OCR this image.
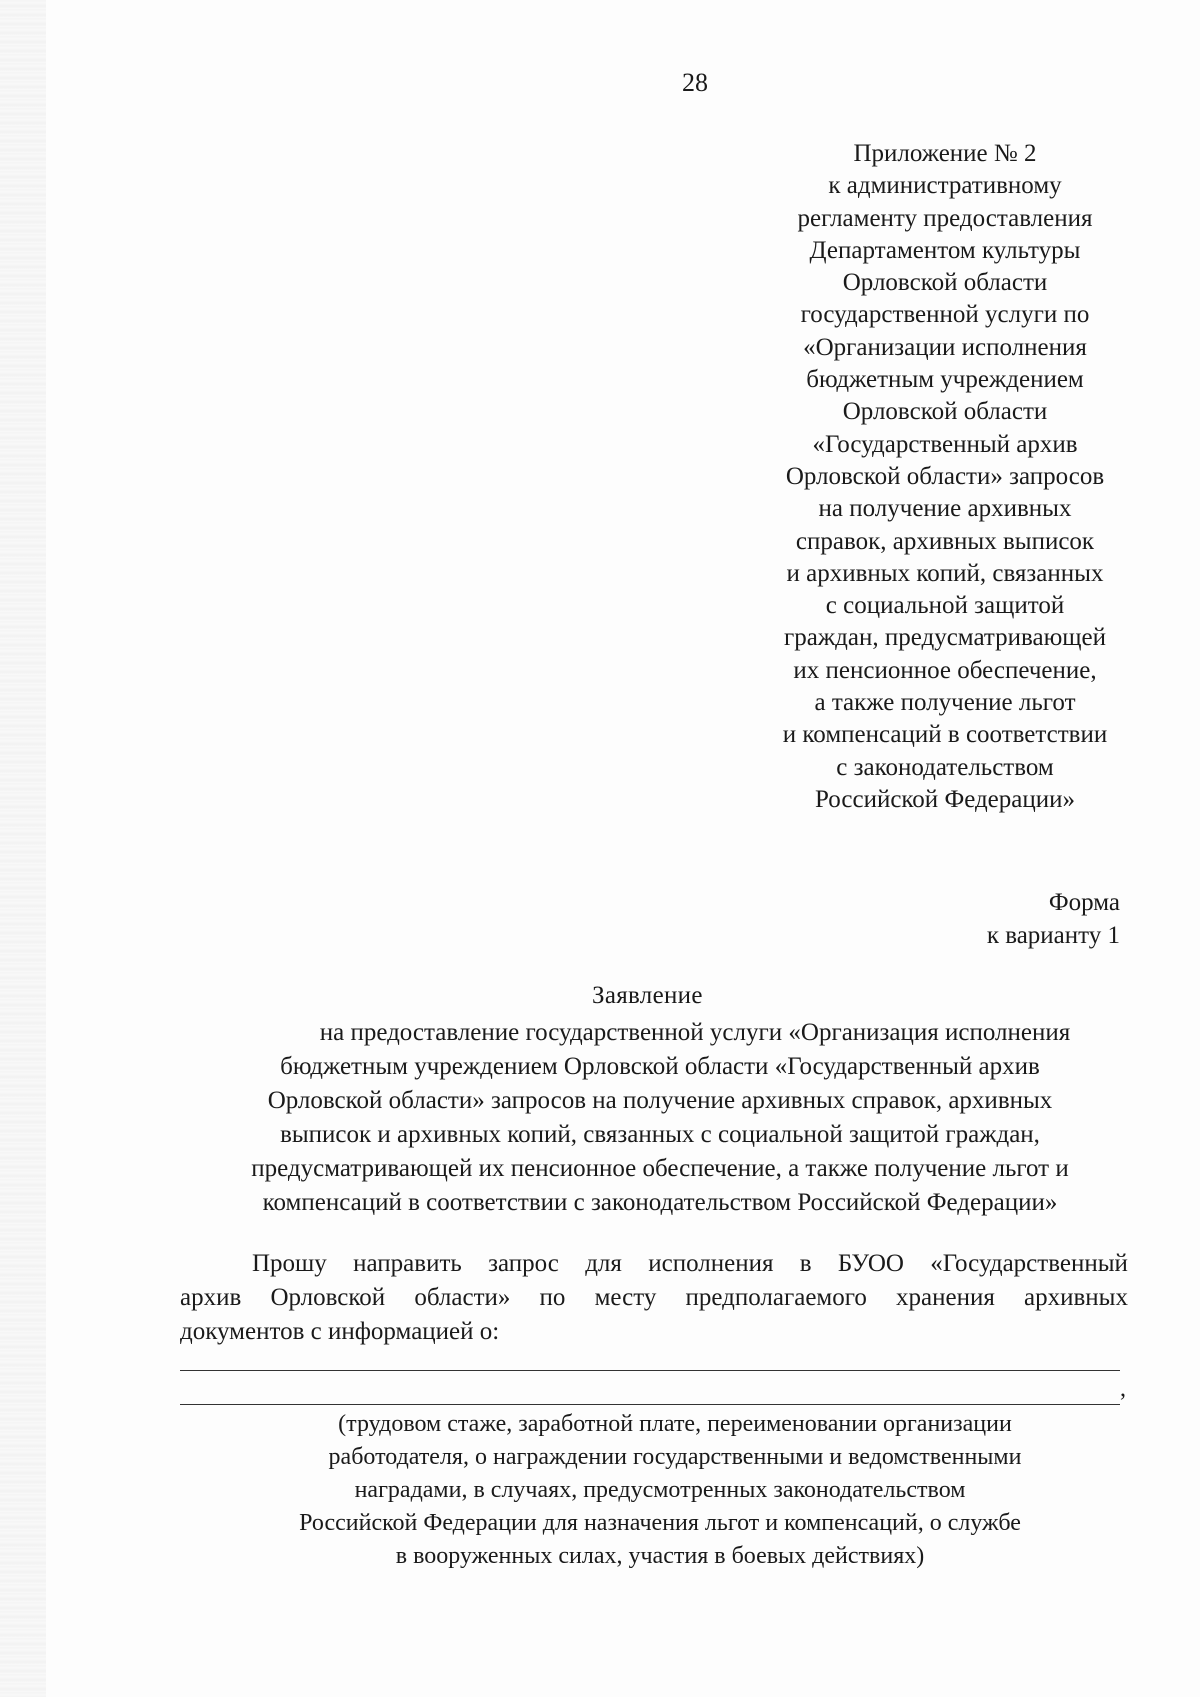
28
Приложение № 2
к административному
регламенту предоставления
Департаментом культуры
Орловской области
государственной услуги по
«Организации исполнения
бюджетным учреждением
Орловской области
«Государственный архив
Орловской области» запросов
на получение архивных
справок, архивных выписок
и архивных копий, связанных
с социальной защитой
граждан, предусматривающей
их пенсионное обеспечение,
а также получение льгот
и компенсаций в соответствии
с законодательством
Российской Федерации»
Форма
к варианту 1
Заявление
на предоставление государственной услуги «Организация исполнения
бюджетным учреждением Орловской области «Государственный архив
Орловской области» запросов на получение архивных справок, архивных
выписок и архивных копий, связанных с социальной защитой граждан,
предусматривающей их пенсионное обеспечение, а также получение льгот и
компенсаций в соответствии с законодательством Российской Федерации»
Прошу направить запрос для исполнения в БУОО «Государственный
архив Орловской области» по месту предполагаемого хранения архивных
документов с информацией о:
,
(трудовом стаже, заработной плате, переименовании организации
работодателя, о награждении государственными и ведомственными
наградами, в случаях, предусмотренных законодательством
Российской Федерации для назначения льгот и компенсаций, о службе
в вооруженных силах, участия в боевых действиях)
